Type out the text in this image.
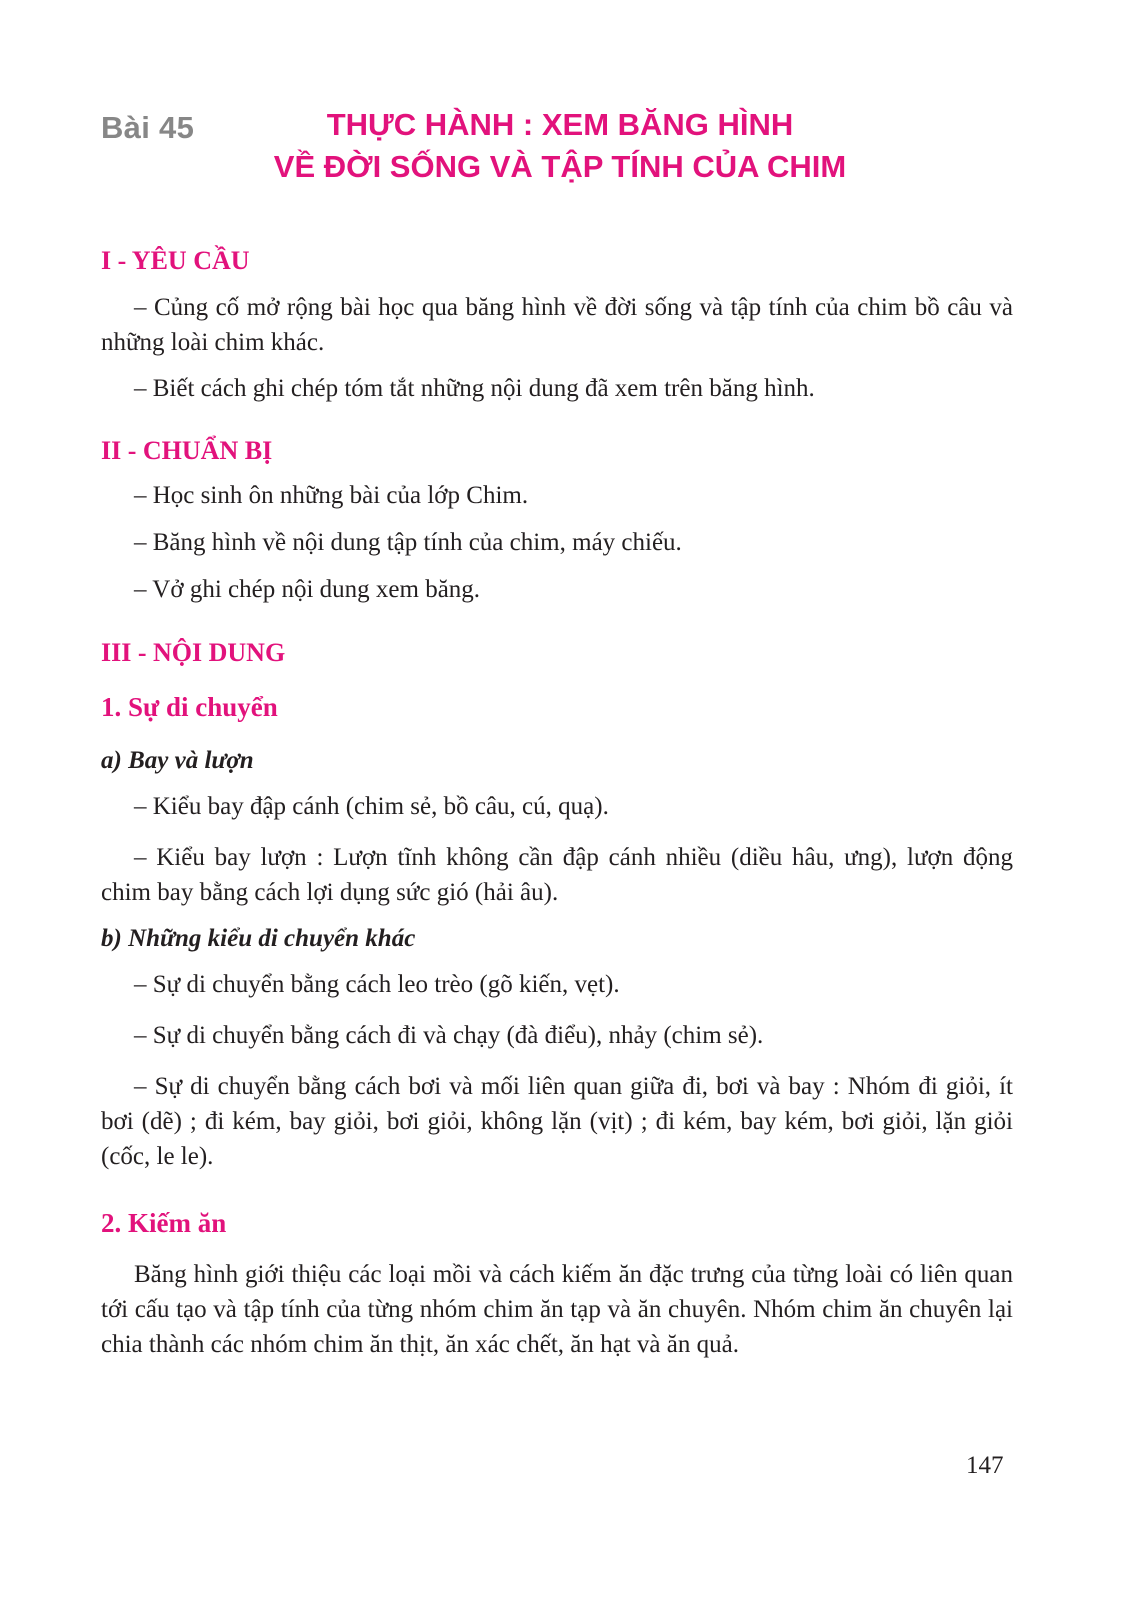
Bài 45	THỰC HÀNH : XEM BĂNG HÌNH
VỀ ĐỜI SỐNG VÀ TẬP TÍNH CỦA CHIM
I - YÊU CẦU

– Củng cố mở rộng bài học qua băng hình về đời sống và tập tính của chim bồ câu và những loài chim khác.

– Biết cách ghi chép tóm tắt những nội dung đã xem trên băng hình.

II - CHUẨN BỊ

– Học sinh ôn những bài của lớp Chim.

– Băng hình về nội dung tập tính của chim, máy chiếu.

– Vở ghi chép nội dung xem băng.

III - NỘI DUNG
1. Sự di chuyển
a) Bay và lượn

– Kiểu bay đập cánh (chim sẻ, bồ câu, cú, quạ).

– Kiểu bay lượn : Lượn tĩnh không cần đập cánh nhiều (diều hâu, ưng), lượn động chim bay bằng cách lợi dụng sức gió (hải âu).

b) Những kiểu di chuyển khác

– Sự di chuyển bằng cách leo trèo (gõ kiến, vẹt).

– Sự di chuyển bằng cách đi và chạy (đà điểu), nhảy (chim sẻ).

– Sự di chuyển bằng cách bơi và mối liên quan giữa đi, bơi và bay : Nhóm đi giỏi, ít bơi (dẽ) ; đi kém, bay giỏi, bơi giỏi, không lặn (vịt) ; đi kém, bay kém, bơi giỏi, lặn giỏi (cốc, le le).

2. Kiếm ăn

Băng hình giới thiệu các loại mồi và cách kiếm ăn đặc trưng của từng loài có liên quan tới cấu tạo và tập tính của từng nhóm chim ăn tạp và ăn chuyên. Nhóm chim ăn chuyên lại chia thành các nhóm chim ăn thịt, ăn xác chết, ăn hạt và ăn quả.

147
